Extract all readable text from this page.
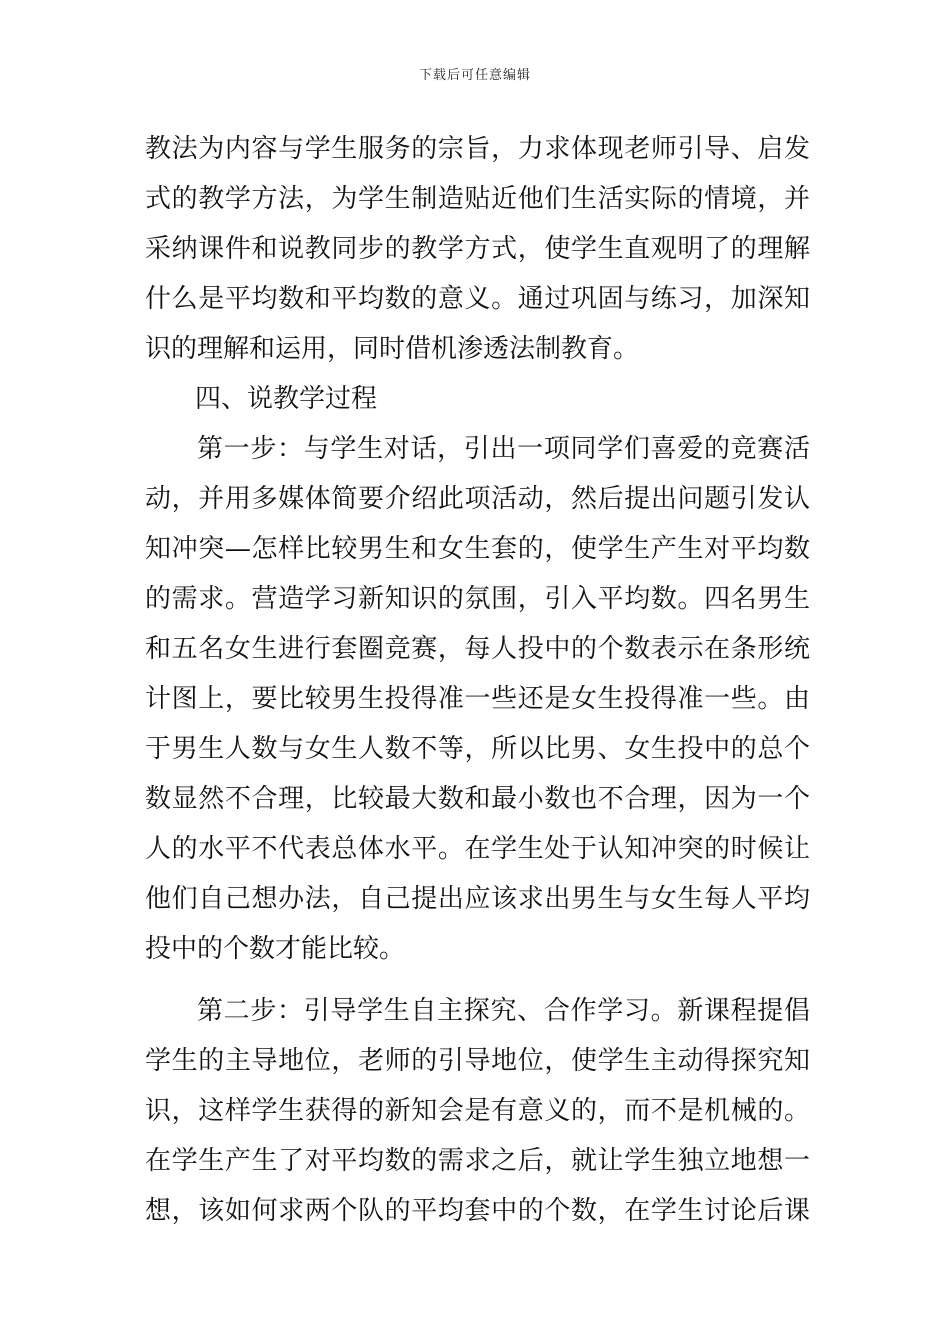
下载后可任意编辑
教法为内容与学生服务的宗旨，力求体现老师引导、启发
式的教学方法，为学生制造贴近他们生活实际的情境，并
采纳课件和说教同步的教学方式，使学生直观明了的理解
什么是平均数和平均数的意义。通过巩固与练习，加深知
识的理解和运用，同时借机渗透法制教育。
四、说教学过程
第一步：与学生对话，引出一项同学们喜爱的竞赛活
动，并用多媒体简要介绍此项活动，然后提出问题引发认
知冲突—怎样比较男生和女生套的，使学生产生对平均数
的需求。营造学习新知识的氛围，引入平均数。四名男生
和五名女生进行套圈竞赛，每人投中的个数表示在条形统
计图上，要比较男生投得准一些还是女生投得准一些。由
于男生人数与女生人数不等，所以比男、女生投中的总个
数显然不合理，比较最大数和最小数也不合理，因为一个
人的水平不代表总体水平。在学生处于认知冲突的时候让
他们自己想办法，自己提出应该求出男生与女生每人平均
投中的个数才能比较。
第二步：引导学生自主探究、合作学习。新课程提倡
学生的主导地位，老师的引导地位，使学生主动得探究知
识，这样学生获得的新知会是有意义的，而不是机械的。
在学生产生了对平均数的需求之后，就让学生独立地想一
想，该如何求两个队的平均套中的个数，在学生讨论后课
